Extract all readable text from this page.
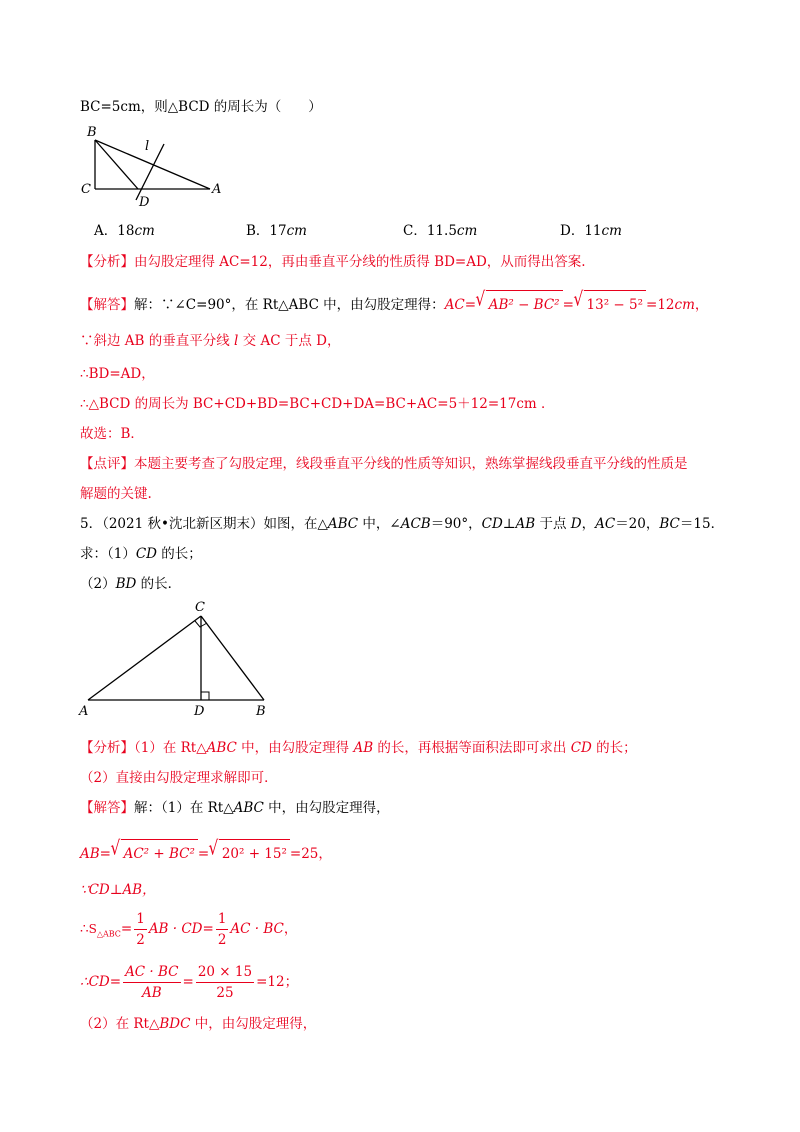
BC=5cm，则△BCD 的周长为（　　）
B
l
C
D
A
A．18cm	B．17cm	C．11.5cm	D．11cm
【分析】由勾股定理得 AC=12，再由垂直平分线的性质得 BD=AD，从而得出答案.
【解答】解：∵∠C=90°，在 Rt△ABC 中，由勾股定理得：AC=√ AB² − BC² =√ 13² − 5² =12cm，
∵斜边 AB 的垂直平分线 l 交 AC 于点 D，
∴BD=AD，
∴△BCD 的周长为 BC+CD+BD=BC+CD+DA=BC+AC=5＋12=17cm ．
故选：B．
【点评】本题主要考查了勾股定理，线段垂直平分线的性质等知识，熟练掌握线段垂直平分线的性质是
解题的关键.
5．（2021 秋•沈北新区期末）如图，在△ABC 中，∠ACB＝90°，CD⊥AB 于点 D，AC＝20，BC＝15．
求：（1）CD 的长；
（2）BD 的长．
C
A	D	B
【分析】（1）在 Rt△ABC 中，由勾股定理得 AB 的长，再根据等面积法即可求出 CD 的长；
（2）直接由勾股定理求解即可．
【解答】解：（1）在 Rt△ABC 中，由勾股定理得，
AB=√ AC² + BC² =√ 20² + 15² =25，
∵CD⊥AB，
$\therefore S_{\triangle ABC}= \frac{1}{2}$ AB · $CD= \frac{1}{2}$ AC · BC，
∴CD= $\frac{AC \cdot BC}{AB} = \frac{20 \times 15}{25} =12$；
（2）在 Rt△BDC 中，由勾股定理得，
